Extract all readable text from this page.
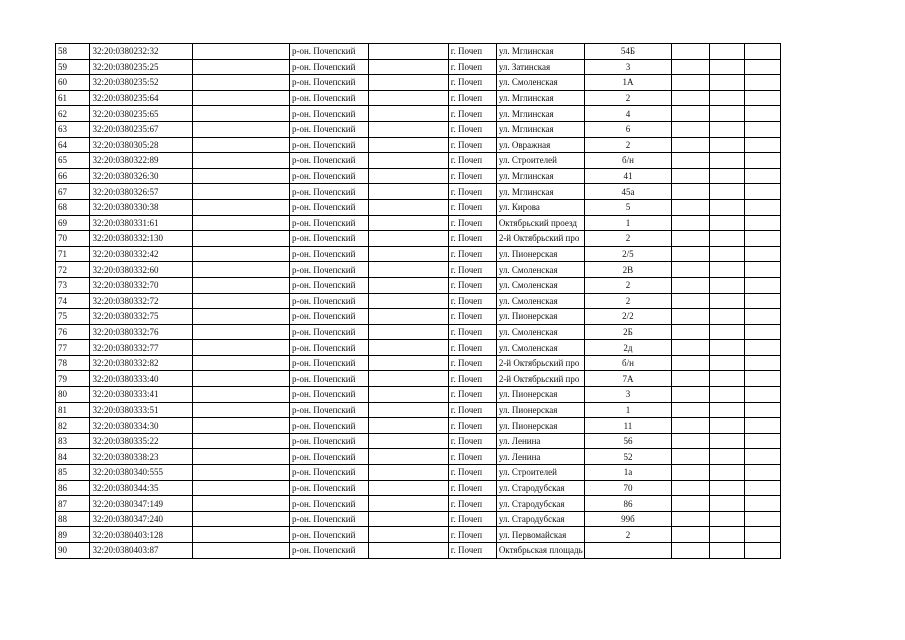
58	32:20:0380232:32		р-он. Почепский		г. Почеп	ул. Мглинская	54Б			
59	32:20:0380235:25		р-он. Почепский		г. Почеп	ул. Затинская	3			
60	32:20:0380235:52		р-он. Почепский		г. Почеп	ул. Смоленская	1А			
61	32:20:0380235:64		р-он. Почепский		г. Почеп	ул. Мглинская	2			
62	32:20:0380235:65		р-он. Почепский		г. Почеп	ул. Мглинская	4			
63	32:20:0380235:67		р-он. Почепский		г. Почеп	ул. Мглинская	6			
64	32:20:0380305:28		р-он. Почепский		г. Почеп	ул. Овражная	2			
65	32:20:0380322:89		р-он. Почепский		г. Почеп	ул. Строителей	б/н			
66	32:20:0380326:30		р-он. Почепский		г. Почеп	ул. Мглинская	41			
67	32:20:0380326:57		р-он. Почепский		г. Почеп	ул. Мглинская	45а			
68	32:20:0380330:38		р-он. Почепский		г. Почеп	ул. Кирова	5			
69	32:20:0380331:61		р-он. Почепский		г. Почеп	Октябрьский проезд	1			
70	32:20:0380332:130		р-он. Почепский		г. Почеп	2-й Октябрьский про	2			
71	32:20:0380332:42		р-он. Почепский		г. Почеп	ул. Пионерская	2/5			
72	32:20:0380332:60		р-он. Почепский		г. Почеп	ул. Смоленская	2В			
73	32:20:0380332:70		р-он. Почепский		г. Почеп	ул. Смоленская	2			
74	32:20:0380332:72		р-он. Почепский		г. Почеп	ул. Смоленская	2			
75	32:20:0380332:75		р-он. Почепский		г. Почеп	ул. Пионерская	2/2			
76	32:20:0380332:76		р-он. Почепский		г. Почеп	ул. Смоленская	2Б			
77	32:20:0380332:77		р-он. Почепский		г. Почеп	ул. Смоленская	2д			
78	32:20:0380332:82		р-он. Почепский		г. Почеп	2-й Октябрьский про	б/н			
79	32:20:0380333:40		р-он. Почепский		г. Почеп	2-й Октябрьский про	7А			
80	32:20:0380333:41		р-он. Почепский		г. Почеп	ул. Пионерская	3			
81	32:20:0380333:51		р-он. Почепский		г. Почеп	ул. Пионерская	1			
82	32:20:0380334:30		р-он. Почепский		г. Почеп	ул. Пионерская	11			
83	32:20:0380335:22		р-он. Почепский		г. Почеп	ул. Ленина	56			
84	32:20:0380338:23		р-он. Почепский		г. Почеп	ул. Ленина	52			
85	32:20:0380340:555		р-он. Почепский		г. Почеп	ул. Строителей	1а			
86	32:20:0380344:35		р-он. Почепский		г. Почеп	ул. Стародубская	70			
87	32:20:0380347:149		р-он. Почепский		г. Почеп	ул. Стародубская	86			
88	32:20:0380347:240		р-он. Почепский		г. Почеп	ул. Стародубская	99б			
89	32:20:0380403:128		р-он. Почепский		г. Почеп	ул. Первомайская	2			
90	32:20:0380403:87		р-он. Почепский		г. Почеп	Октябрьская площадь				
